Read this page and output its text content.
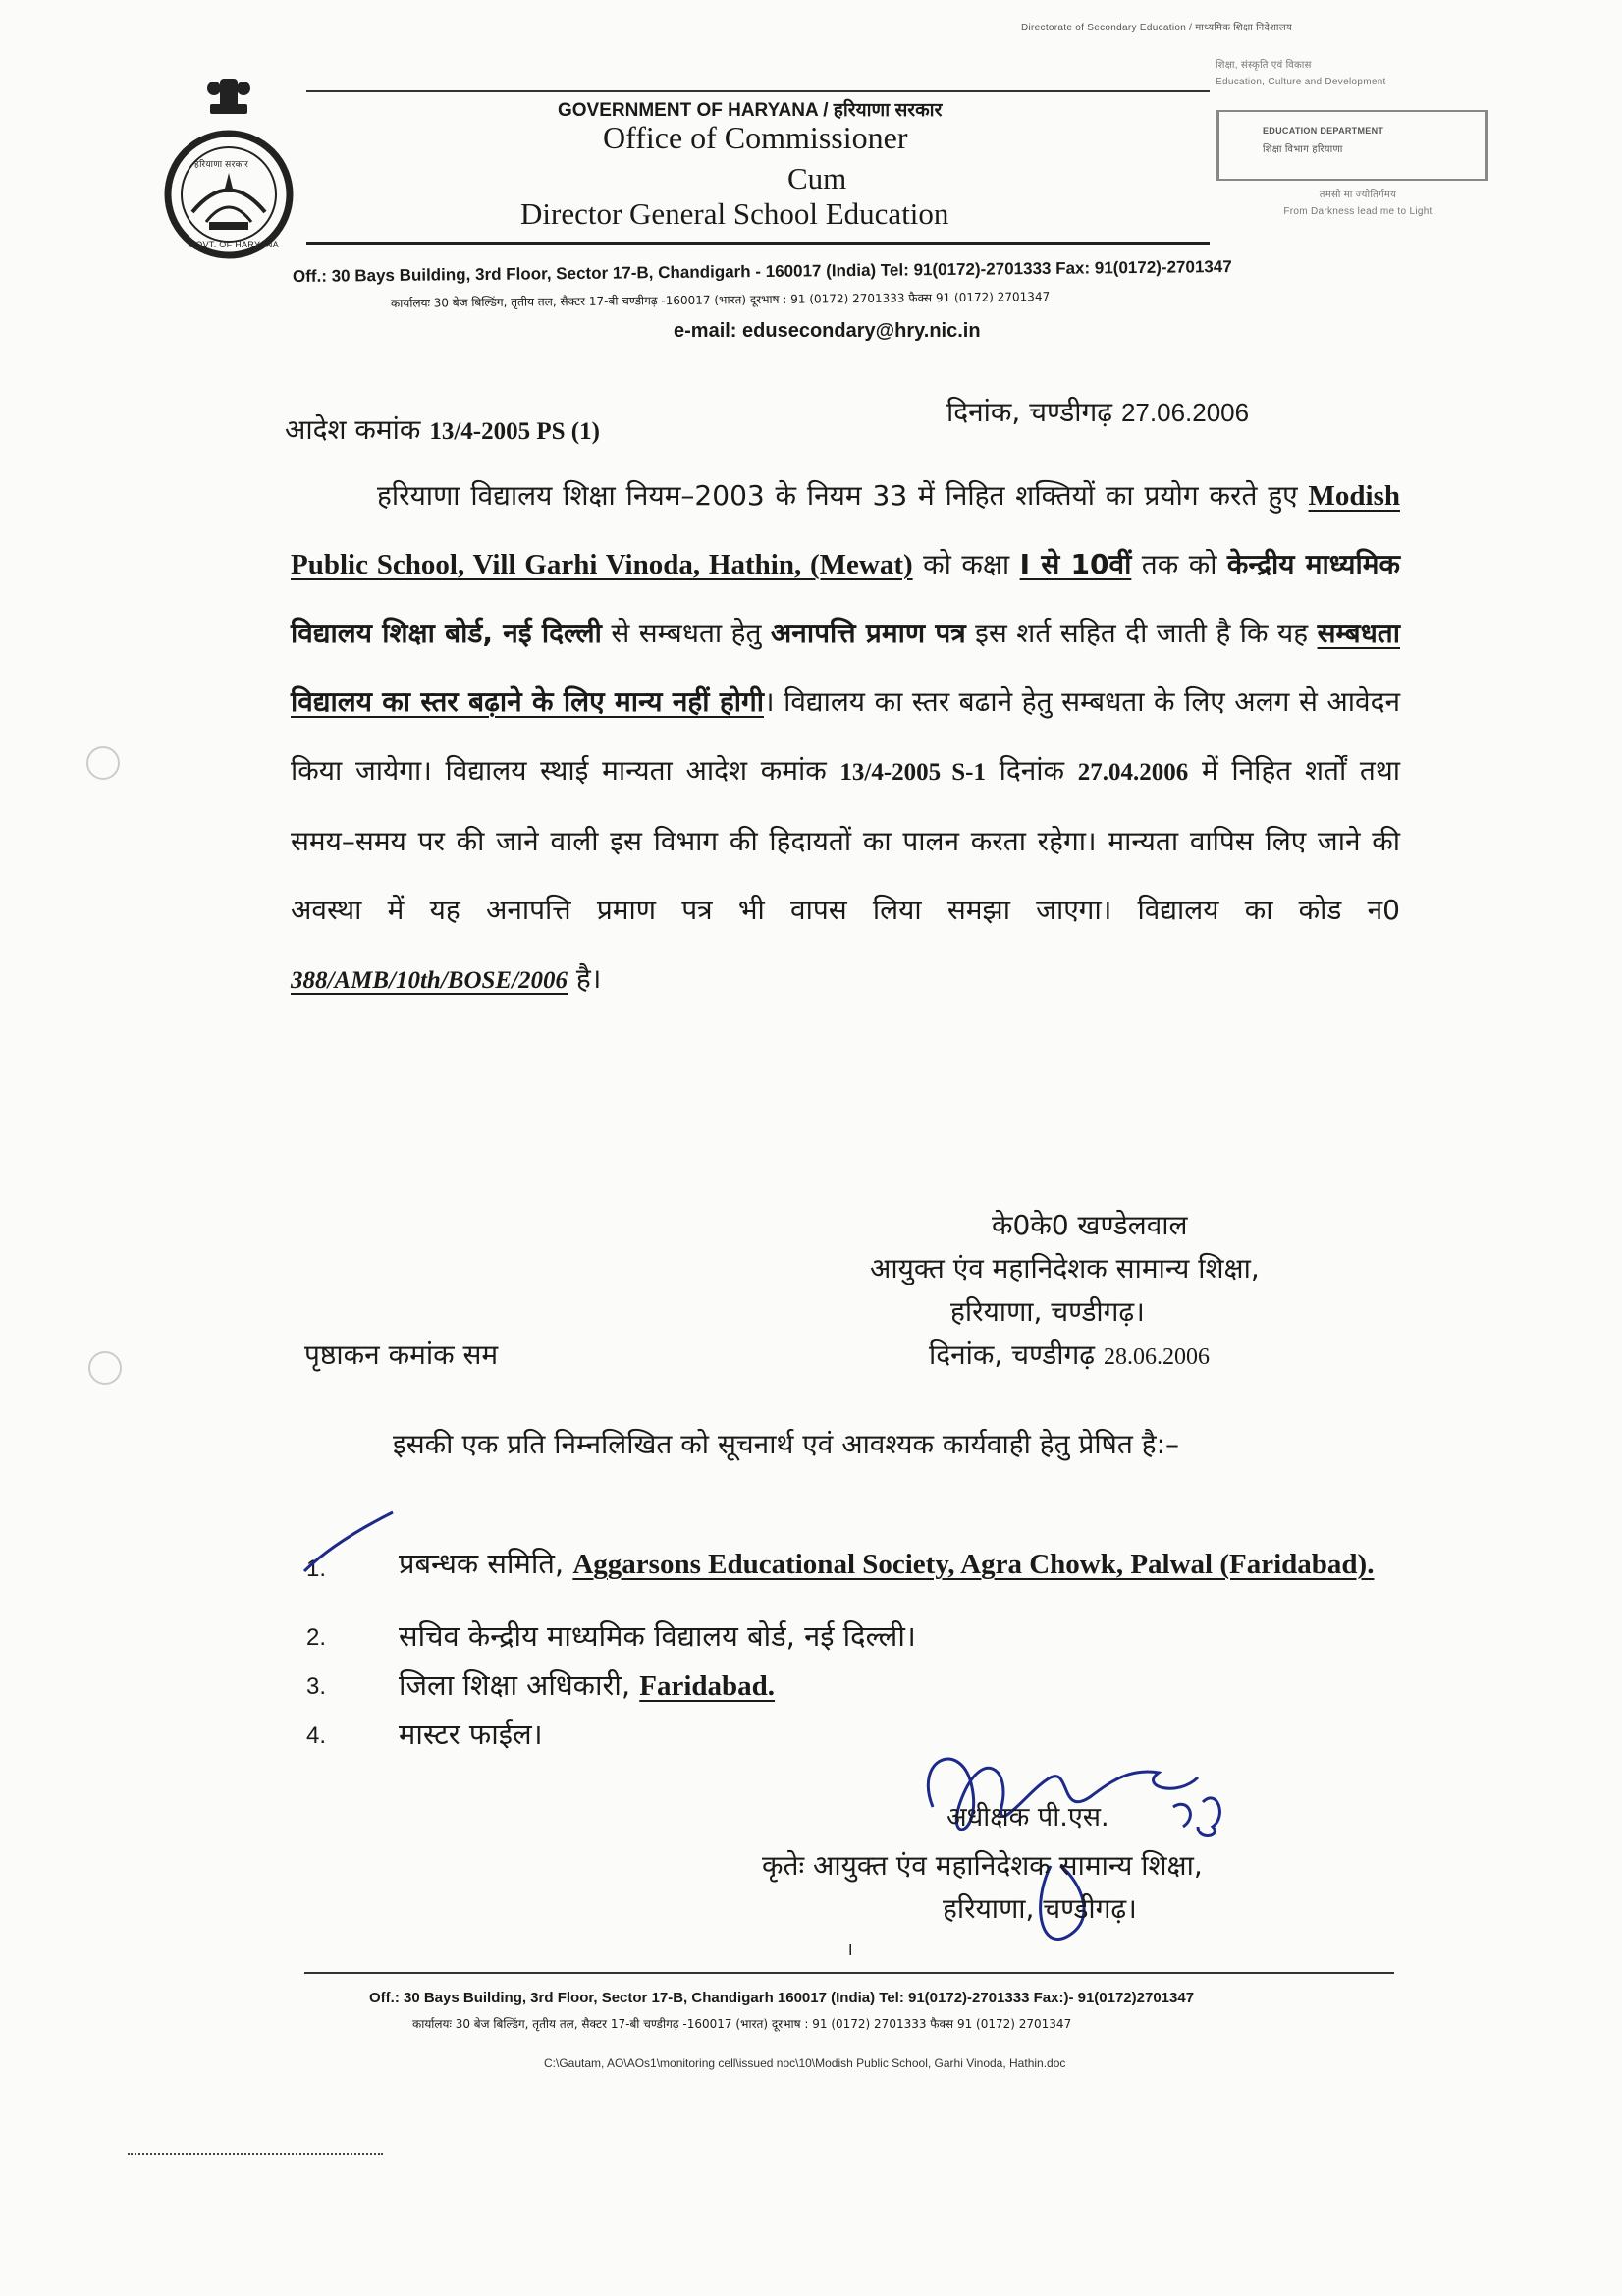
Directorate of Secondary Education / माध्यमिक शिक्षा निदेशालय
शिक्षा, संस्कृति एवं विकास
Education, Culture and Development
EDUCATION DEPARTMENT
शिक्षा विभाग हरियाणा
तमसो मा ज्योतिर्गमय
From Darkness lead me to Light
हरियाणा सरकार
GOVT. OF HARYANA
GOVERNMENT OF HARYANA / हरियाणा सरकार
Office of Commissioner
Cum
Director General School Education
Off.: 30 Bays Building, 3rd Floor, Sector 17-B, Chandigarh - 160017 (India) Tel: 91(0172)-2701333 Fax: 91(0172)-2701347
कार्यालयः 30 बेज बिल्डिंग, तृतीय तल, सैक्टर 17-बी चण्डीगढ़ -160017 (भारत) दूरभाष : 91 (0172) 2701333 फैक्स 91 (0172) 2701347
e-mail: edusecondary@hry.nic.in
आदेश कमांक 13/4-2005 PS (1)
दिनांक, चण्डीगढ़ 27.06.2006
हरियाणा विद्यालय शिक्षा नियम–2003 के नियम 33 में निहित शक्तियों का प्रयोग करते हुए Modish Public School, Vill Garhi Vinoda, Hathin, (Mewat) को कक्षा I से 10वीं तक को केन्द्रीय माध्यमिक विद्यालय शिक्षा बोर्ड, नई दिल्ली से सम्बधता हेतु अनापत्ति प्रमाण पत्र इस शर्त सहित दी जाती है कि यह सम्बधता विद्यालय का स्तर बढ़ाने के लिए मान्य नहीं होगी। विद्यालय का स्तर बढाने हेतु सम्बधता के लिए अलग से आवेदन किया जायेगा। विद्यालय स्थाई मान्यता आदेश कमांक 13/4-2005 S-1 दिनांक 27.04.2006 में निहित शर्तों तथा समय–समय पर की जाने वाली इस विभाग की हिदायतों का पालन करता रहेगा। मान्यता वापिस लिए जाने की अवस्था में यह अनापत्ति प्रमाण पत्र भी वापस लिया समझा जाएगा। विद्यालय का कोड न0 388/AMB/10th/BOSE/2006 है।
के0के0 खण्डेलवाल
आयुक्त एंव महानिदेशक सामान्य शिक्षा,
हरियाणा, चण्डीगढ़।
दिनांक, चण्डीगढ़ 28.06.2006
पृष्ठाकन कमांक सम
इसकी एक प्रति निम्नलिखित को सूचनार्थ एवं आवश्यक कार्यवाही हेतु प्रेषित है:–
1.	प्रबन्धक समिति, Aggarsons Educational Society, Agra Chowk, Palwal (Faridabad).
2.	सचिव केन्द्रीय माध्यमिक विद्यालय बोर्ड, नई दिल्ली।
3.	जिला शिक्षा अधिकारी, Faridabad.
4.	मास्टर फाईल।
अधीक्षक पी.एस.
कृतेः आयुक्त एंव महानिदेशक सामान्य शिक्षा,
हरियाणा, चण्डीगढ़।
I
Off.: 30 Bays Building, 3rd Floor, Sector 17-B, Chandigarh 160017 (India) Tel: 91(0172)-2701333 Fax:)- 91(0172)2701347
कार्यालयः 30 बेज बिल्डिंग, तृतीय तल, सैक्टर 17-बी चण्डीगढ़ -160017 (भारत) दूरभाष : 91 (0172) 2701333 फैक्स 91 (0172) 2701347
C:\Gautam, AO\AOs1\monitoring cell\issued noc\10\Modish Public School, Garhi Vinoda, Hathin.doc
